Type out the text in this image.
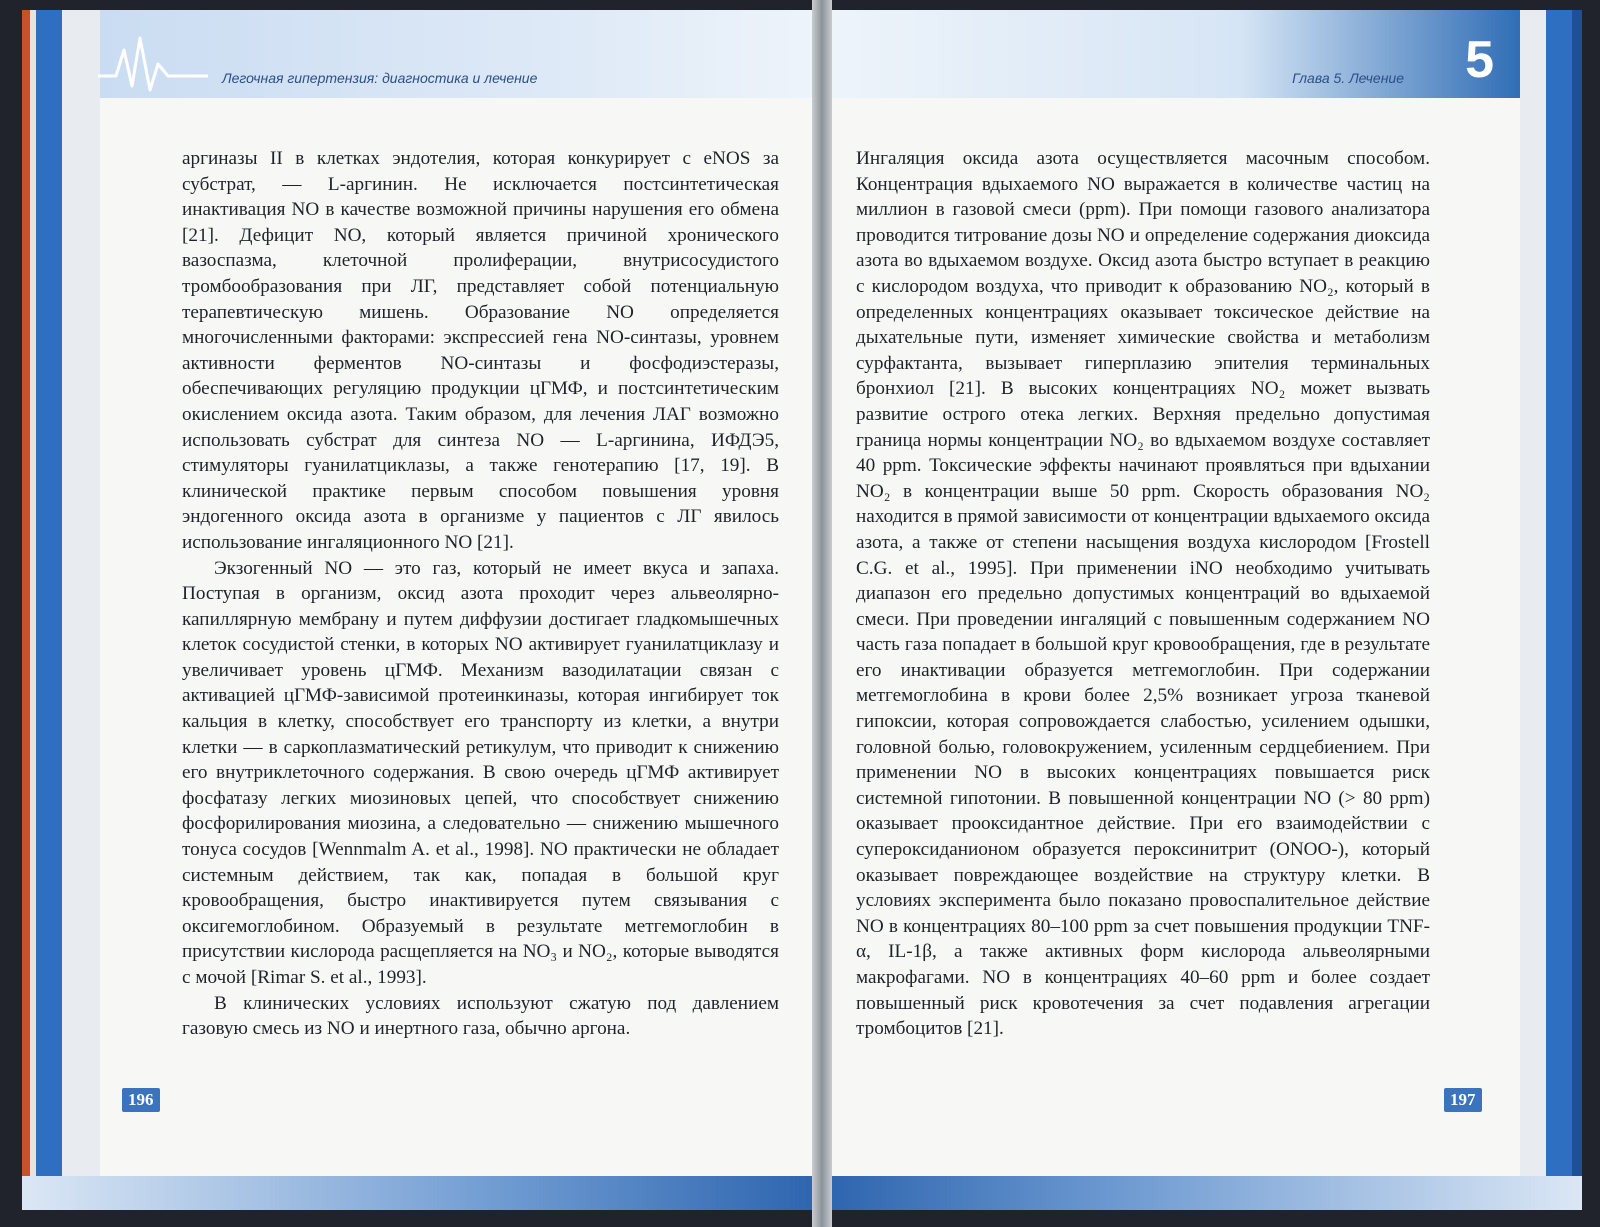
Легочная гипертензия: диагностика и лечение

аргиназы II в клетках эндотелия, которая конкурирует с eNOS за субстрат, — L-аргинин. Не исключается постсинтетическая инактивация NO в качестве возможной причины нарушения его обмена [21]. Дефицит NO, который является причиной хронического вазоспазма, клеточной пролиферации, внутрисосудистого тромбообразования при ЛГ, представляет собой потенциальную терапевтическую мишень. Образование NO определяется многочисленными факторами: экспрессией гена NO-синтазы, уровнем активности ферментов NO-синтазы и фосфодиэстеразы, обеспечивающих регуляцию продукции цГМФ, и постсинтетическим окислением оксида азота. Таким образом, для лечения ЛАГ возможно использовать субстрат для синтеза NO — L-аргинина, ИФДЭ5, стимуляторы гуанилатциклазы, а также генотерапию [17, 19]. В клинической практике первым способом повышения уровня эндогенного оксида азота в организме у пациентов с ЛГ явилось использование ингаляционного NO [21].

Экзогенный NO — это газ, который не имеет вкуса и запаха. Поступая в организм, оксид азота проходит через альвеолярно-капиллярную мембрану и путем диффузии достигает гладкомышечных клеток сосудистой стенки, в которых NO активирует гуанилатциклазу и увеличивает уровень цГМФ. Механизм вазодилатации связан с активацией цГМФ-зависимой протеинкиназы, которая ингибирует ток кальция в клетку, способствует его транспорту из клетки, а внутри клетки — в саркоплазматический ретикулум, что приводит к снижению его внутриклеточного содержания. В свою очередь цГМФ активирует фосфатазу легких миозиновых цепей, что способствует снижению фосфорилирования миозина, а следовательно — снижению мышечного тонуса сосудов [Wennmalm A. et al., 1998]. NO практически не обладает системным действием, так как, попадая в большой круг кровообращения, быстро инактивируется путем связывания с оксигемоглобином. Образуемый в результате метгемоглобин в присутствии кислорода расщепляется на NO₃ и NO₂, которые выводятся с мочой [Rimar S. et al., 1993].

В клинических условиях используют сжатую под давлением газовую смесь из NO и инертного газа, обычно аргона.

196
Глава 5. Лечение 5

Ингаляция оксида азота осуществляется масочным способом. Концентрация вдыхаемого NO выражается в количестве частиц на миллион в газовой смеси (ppm). При помощи газового анализатора проводится титрование дозы NO и определение содержания диоксида азота во вдыхаемом воздухе. Оксид азота быстро вступает в реакцию с кислородом воздуха, что приводит к образованию NO₂, который в определенных концентрациях оказывает токсическое действие на дыхательные пути, изменяет химические свойства и метаболизм сурфактанта, вызывает гиперплазию эпителия терминальных бронхиол [21]. В высоких концентрациях NO₂ может вызвать развитие острого отека легких. Верхняя предельно допустимая граница нормы концентрации NO₂ во вдыхаемом воздухе составляет 40 ppm. Токсические эффекты начинают проявляться при вдыхании NO₂ в концентрации выше 50 ppm. Скорость образования NO₂ находится в прямой зависимости от концентрации вдыхаемого оксида азота, а также от степени насыщения воздуха кислородом [Frostell C.G. et al., 1995]. При применении iNO необходимо учитывать диапазон его предельно допустимых концентраций во вдыхаемой смеси. При проведении ингаляций с повышенным содержанием NO часть газа попадает в большой круг кровообращения, где в результате его инактивации образуется метгемоглобин. При содержании метгемоглобина в крови более 2,5% возникает угроза тканевой гипоксии, которая сопровождается слабостью, усилением одышки, головной болью, головокружением, усиленным сердцебиением. При применении NO в высоких концентрациях повышается риск системной гипотонии. В повышенной концентрации NO (> 80 ppm) оказывает прооксидантное действие. При его взаимодействии с супероксиданионом образуется пероксинитрит (ONOO-), который оказывает повреждающее воздействие на структуру клетки. В условиях эксперимента было показано провоспалительное действие NO в концентрациях 80–100 ppm за счет повышения продукции TNF-α, IL-1β, а также активных форм кислорода альвеолярными макрофагами. NO в концентрациях 40–60 ppm и более создает повышенный риск кровотечения за счет подавления агрегации тромбоцитов [21].

197
